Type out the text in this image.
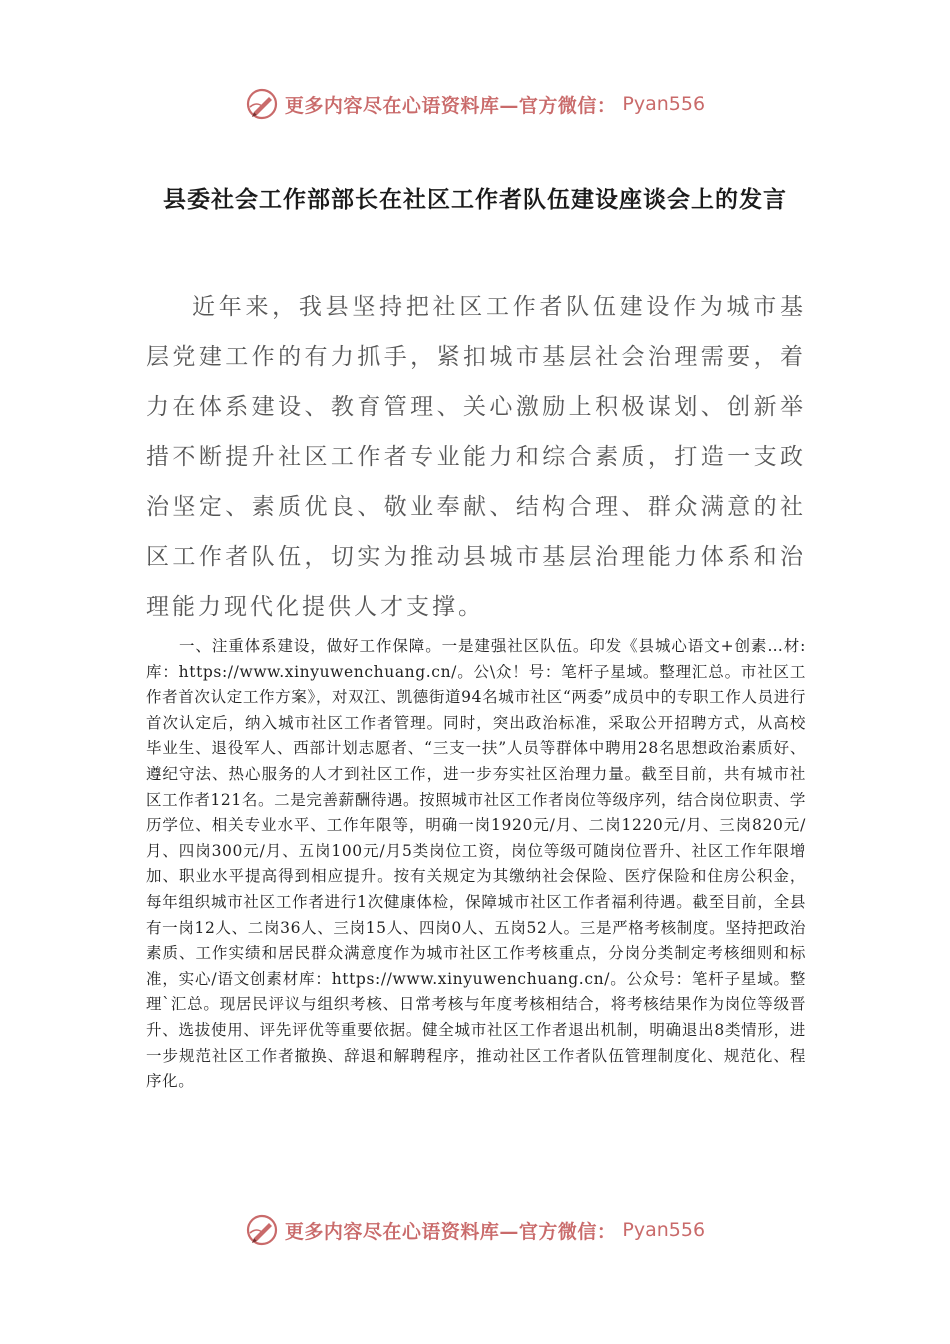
更多内容尽在心语资料库—官方微信： Pyan556
县委社会工作部部长在社区工作者队伍建设座谈会上的发言

近年来，我县坚持把社区工作者队伍建设作为城市基层党建工作的有力抓手，紧扣城市基层社会治理需要，着力在体系建设、教育管理、关心激励上积极谋划、创新举措不断提升社区工作者专业能力和综合素质，打造一支政治坚定、素质优良、敬业奉献、结构合理、群众满意的社区工作者队伍，切实为推动县城市基层治理能力体系和治理能力现代化提供人才支撑。

一、注重体系建设，做好工作保障。一是建强社区队伍。印发《县城心语文+创素…材:库：https://www.xinyuwenchuang.cn/。公\众！号：笔杆子星域。整理汇总。市社区工作者首次认定工作方案》，对双江、凯德街道94名城市社区“两委”成员中的专职工作人员进行首次认定后，纳入城市社区工作者管理。同时，突出政治标准，采取公开招聘方式，从高校毕业生、退役军人、西部计划志愿者、“三支一扶”人员等群体中聘用28名思想政治素质好、遵纪守法、热心服务的人才到社区工作，进一步夯实社区治理力量。截至目前，共有城市社区工作者121名。二是完善薪酬待遇。按照城市社区工作者岗位等级序列，结合岗位职责、学历学位、相关专业水平、工作年限等，明确一岗1920元/月、二岗1220元/月、三岗820元/月、四岗300元/月、五岗100元/月5类岗位工资，岗位等级可随岗位晋升、社区工作年限增加、职业水平提高得到相应提升。按有关规定为其缴纳社会保险、医疗保险和住房公积金，每年组织城市社区工作者进行1次健康体检，保障城市社区工作者福利待遇。截至目前，全县有一岗12人、二岗36人、三岗15人、四岗0人、五岗52人。三是严格考核制度。坚持把政治素质、工作实绩和居民群众满意度作为城市社区工作考核重点，分岗分类制定考核细则和标准，实心/语文创素材库：https://www.xinyuwenchuang.cn/。公众号：笔杆子星域。整理`汇总。现居民评议与组织考核、日常考核与年度考核相结合，将考核结果作为岗位等级晋升、选拔使用、评先评优等重要依据。健全城市社区工作者退出机制，明确退出8类情形，进一步规范社区工作者撤换、辞退和解聘程序，推动社区工作者队伍管理制度化、规范化、程序化。

更多内容尽在心语资料库—官方微信： Pyan556
